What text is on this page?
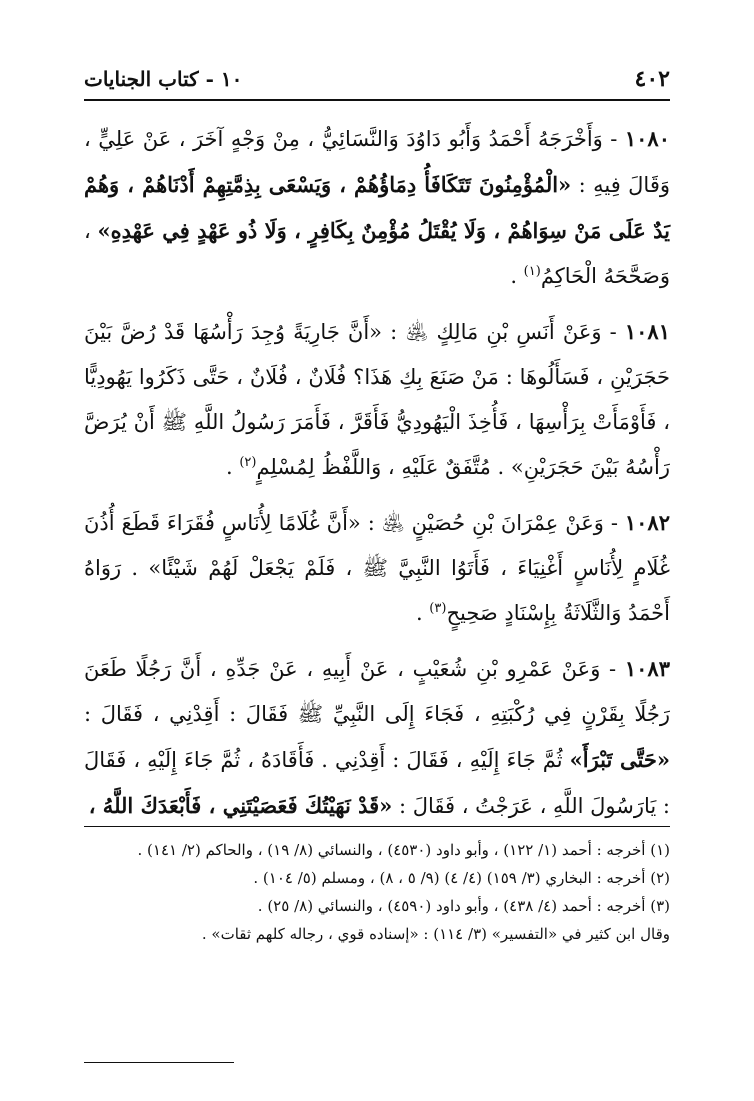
٤٠٢
١٠ - كتاب الجنايات

١٠٨٠ - وَأَخْرَجَهُ أَحْمَدُ وَأَبُو دَاوُدَ وَالنَّسَائِيُّ ، مِنْ وَجْهٍ آخَرَ ، عَنْ عَلِيٍّ ، وَقَالَ فِيهِ : «الْمُؤْمِنُونَ تَتَكَافَأُ دِمَاؤُهُمْ ، وَيَسْعَى بِذِمَّتِهِمْ أَدْنَاهُمْ ، وَهُمْ يَدٌ عَلَى مَنْ سِوَاهُمْ ، وَلَا يُقْتَلُ مُؤْمِنٌ بِكَافِرٍ ، وَلَا ذُو عَهْدٍ فِي عَهْدِهِ» ، وَصَحَّحَهُ الْحَاكِمُ$^{(١)}$ .

١٠٨١ - وَعَنْ أَنَسِ بْنِ مَالِكٍ ﵁ : «أَنَّ جَارِيَةً وُجِدَ رَأْسُهَا قَدْ رُضَّ بَيْنَ حَجَرَيْنِ ، فَسَأَلُوهَا : مَنْ صَنَعَ بِكِ هَذَا؟ فُلَانٌ ، فُلَانٌ ، حَتَّى ذَكَرُوا يَهُودِيًّا ، فَأَوْمَأَتْ بِرَأْسِهَا ، فَأُخِذَ الْيَهُودِيُّ فَأَقَرَّ ، فَأَمَرَ رَسُولُ اللَّهِ ﷺ أَنْ يُرَضَّ رَأْسُهُ بَيْنَ حَجَرَيْنِ» . مُتَّفَقٌ عَلَيْهِ ، وَاللَّفْظُ لِمُسْلِمٍ$^{(٢)}$ .

١٠٨٢ - وَعَنْ عِمْرَانَ بْنِ حُصَيْنٍ ﵁ : «أَنَّ غُلَامًا لِأُنَاسٍ فُقَرَاءَ قَطَعَ أُذُنَ غُلَامٍ لِأُنَاسٍ أَغْنِيَاءَ ، فَأَتَوُا النَّبِيَّ ﷺ ، فَلَمْ يَجْعَلْ لَهُمْ شَيْئًا» . رَوَاهُ أَحْمَدُ وَالثَّلَاثَةُ بِإِسْنَادٍ صَحِيحٍ$^{(٣)}$ .

١٠٨٣ - وَعَنْ عَمْرِو بْنِ شُعَيْبٍ ، عَنْ أَبِيهِ ، عَنْ جَدِّهِ ، أَنَّ رَجُلًا طَعَنَ رَجُلًا بِقَرْنٍ فِي رُكْبَتِهِ ، فَجَاءَ إِلَى النَّبِيِّ ﷺ فَقَالَ : أَقِدْنِي ، فَقَالَ : «حَتَّى تَبْرَأَ» ثُمَّ جَاءَ إِلَيْهِ ، فَقَالَ : أَقِدْنِي . فَأَقَادَهُ ، ثُمَّ جَاءَ إِلَيْهِ ، فَقَالَ : يَارَسُولَ اللَّهِ ، عَرَجْتُ ، فَقَالَ : «قَدْ نَهَيْتُكَ فَعَصَيْتَنِي ، فَأَبْعَدَكَ اللَّهُ ،

(١) أخرجه : أحمد (١/ ١٢٢) ، وأبو داود (٤٥٣٠) ، والنسائي (٨/ ١٩) ، والحاكم (٢/ ١٤١) .

(٢) أخرجه : البخاري (٣/ ١٥٩) (٤/ ٤) (٩/ ٥ ، ٨) ، ومسلم (٥/ ١٠٤) .

(٣) أخرجه : أحمد (٤/ ٤٣٨) ، وأبو داود (٤٥٩٠) ، والنسائي (٨/ ٢٥) .

وقال ابن كثير في «التفسير» (٣/ ١١٤) : «إسناده قوي ، رجاله كلهم ثقات» .
